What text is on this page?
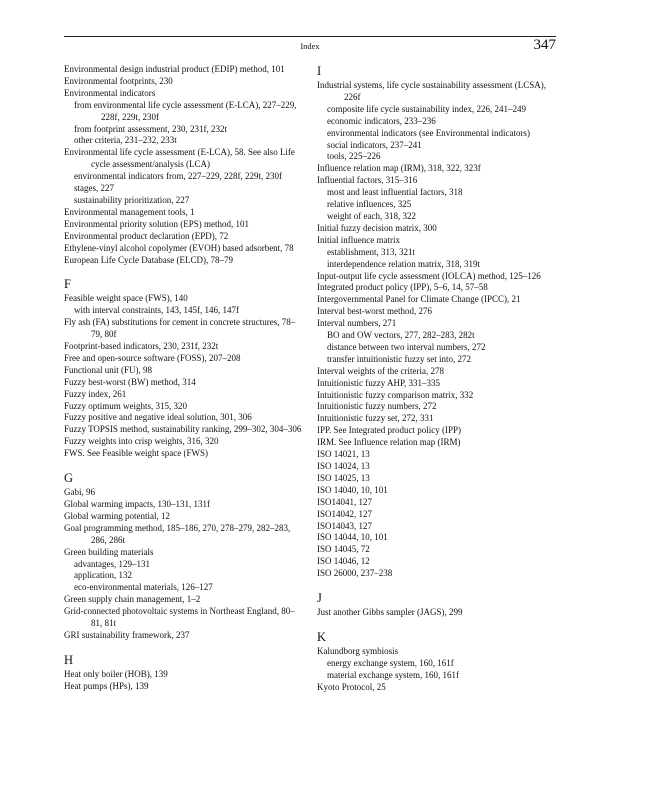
Index	347
Environmental design industrial product (EDIP) method, 101
Environmental footprints, 230
Environmental indicators
from environmental life cycle assessment (E-LCA), 227–229, 228f, 229t, 230f
from footprint assessment, 230, 231f, 232t
other criteria, 231–232, 233t
Environmental life cycle assessment (E-LCA), 58. See also Life cycle assessment/analysis (LCA)
environmental indicators from, 227–229, 228f, 229t, 230f
stages, 227
sustainability prioritization, 227
Environmental management tools, 1
Environmental priority solution (EPS) method, 101
Environmental product declaration (EPD), 72
Ethylene-vinyl alcohol copolymer (EVOH) based adsorbent, 78
European Life Cycle Database (ELCD), 78–79
F
Feasible weight space (FWS), 140
with interval constraints, 143, 145f, 146, 147f
Fly ash (FA) substitutions for cement in concrete structures, 78–79, 80f
Footprint-based indicators, 230, 231f, 232t
Free and open-source software (FOSS), 207–208
Functional unit (FU), 98
Fuzzy best-worst (BW) method, 314
Fuzzy index, 261
Fuzzy optimum weights, 315, 320
Fuzzy positive and negative ideal solution, 301, 306
Fuzzy TOPSIS method, sustainability ranking, 299–302, 304–306
Fuzzy weights into crisp weights, 316, 320
FWS. See Feasible weight space (FWS)
G
Gabi, 96
Global warming impacts, 130–131, 131f
Global warming potential, 12
Goal programming method, 185–186, 270, 278–279, 282–283, 286, 286t
Green building materials
advantages, 129–131
application, 132
eco-environmental materials, 126–127
Green supply chain management, 1–2
Grid-connected photovoltaic systems in Northeast England, 80–81, 81t
GRI sustainability framework, 237
H
Heat only boiler (HOB), 139
Heat pumps (HPs), 139
I
Industrial systems, life cycle sustainability assessment (LCSA), 226f
composite life cycle sustainability index, 226, 241–249
economic indicators, 233–236
environmental indicators (see Environmental indicators)
social indicators, 237–241
tools, 225–226
Influence relation map (IRM), 318, 322, 323f
Influential factors, 315–316
most and least influential factors, 318
relative influences, 325
weight of each, 318, 322
Initial fuzzy decision matrix, 300
Initial influence matrix
establishment, 313, 321t
interdependence relation matrix, 318, 319t
Input-output life cycle assessment (IOLCA) method, 125–126
Integrated product policy (IPP), 5–6, 14, 57–58
Intergovernmental Panel for Climate Change (IPCC), 21
Interval best-worst method, 276
Interval numbers, 271
BO and OW vectors, 277, 282–283, 282t
distance between two interval numbers, 272
transfer intuitionistic fuzzy set into, 272
Interval weights of the criteria, 278
Intuitionistic fuzzy AHP, 331–335
Intuitionistic fuzzy comparison matrix, 332
Intuitionistic fuzzy numbers, 272
Intuitionistic fuzzy set, 272, 331
IPP. See Integrated product policy (IPP)
IRM. See Influence relation map (IRM)
ISO 14021, 13
ISO 14024, 13
ISO 14025, 13
ISO 14040, 10, 101
ISO14041, 127
ISO14042, 127
ISO14043, 127
ISO 14044, 10, 101
ISO 14045, 72
ISO 14046, 12
ISO 26000, 237–238
J
Just another Gibbs sampler (JAGS), 299
K
Kalundborg symbiosis
energy exchange system, 160, 161f
material exchange system, 160, 161f
Kyoto Protocol, 25
